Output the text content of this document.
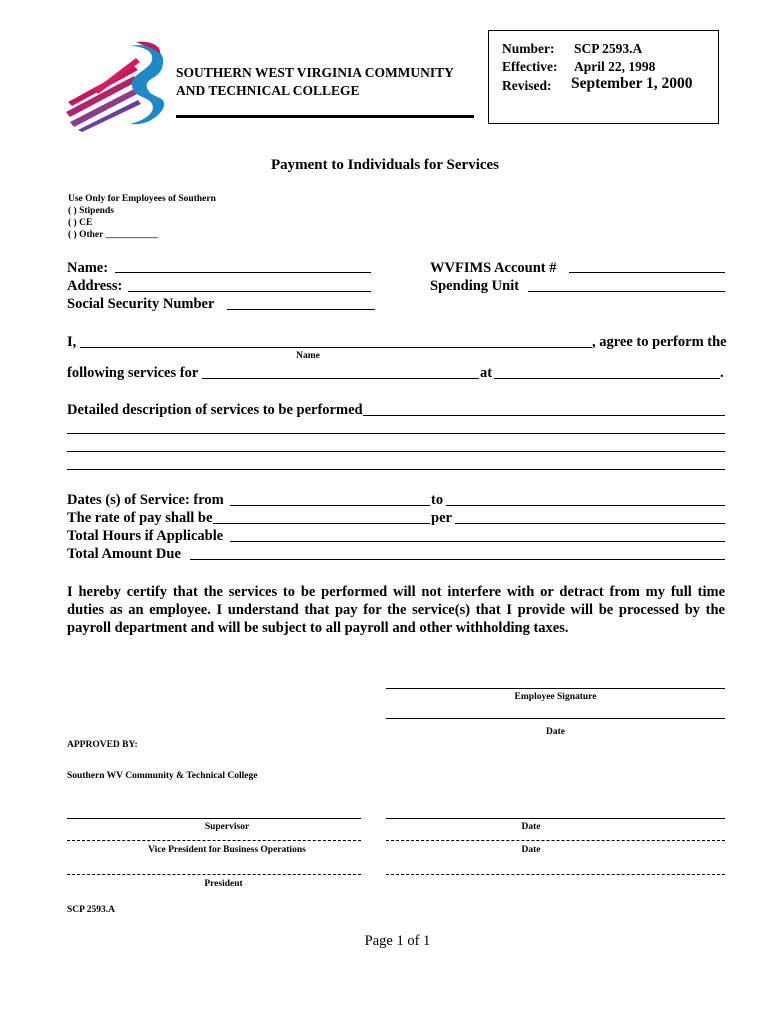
SOUTHERN WEST VIRGINIA COMMUNITY
AND TECHNICAL COLLEGE
Number: SCP 2593.A
Effective: April 22, 1998
Revised: September 1, 2000
Payment to Individuals for Services
Use Only for Employees of Southern
( ) Stipends
( ) CE
( ) Other ___________
Name:
Address:
Social Security Number
WVFIMS Account #
Spending Unit
I,	, agree to perform the
Name
following services for	at	.
Detailed description of services to be performed
Dates (s) of Service: from	to
The rate of pay shall be	per
Total Hours if Applicable
Total Amount Due
I hereby certify that the services to be performed will not interfere with or detract from my full time duties as an employee. I understand that pay for the service(s) that I provide will be processed by the payroll department and will be subject to all payroll and other withholding taxes.
Employee Signature
Date
APPROVED BY:
Southern WV Community & Technical College
Supervisor	Date
Vice President for Business Operations	Date
President
SCP 2593.A
Page 1 of 1
